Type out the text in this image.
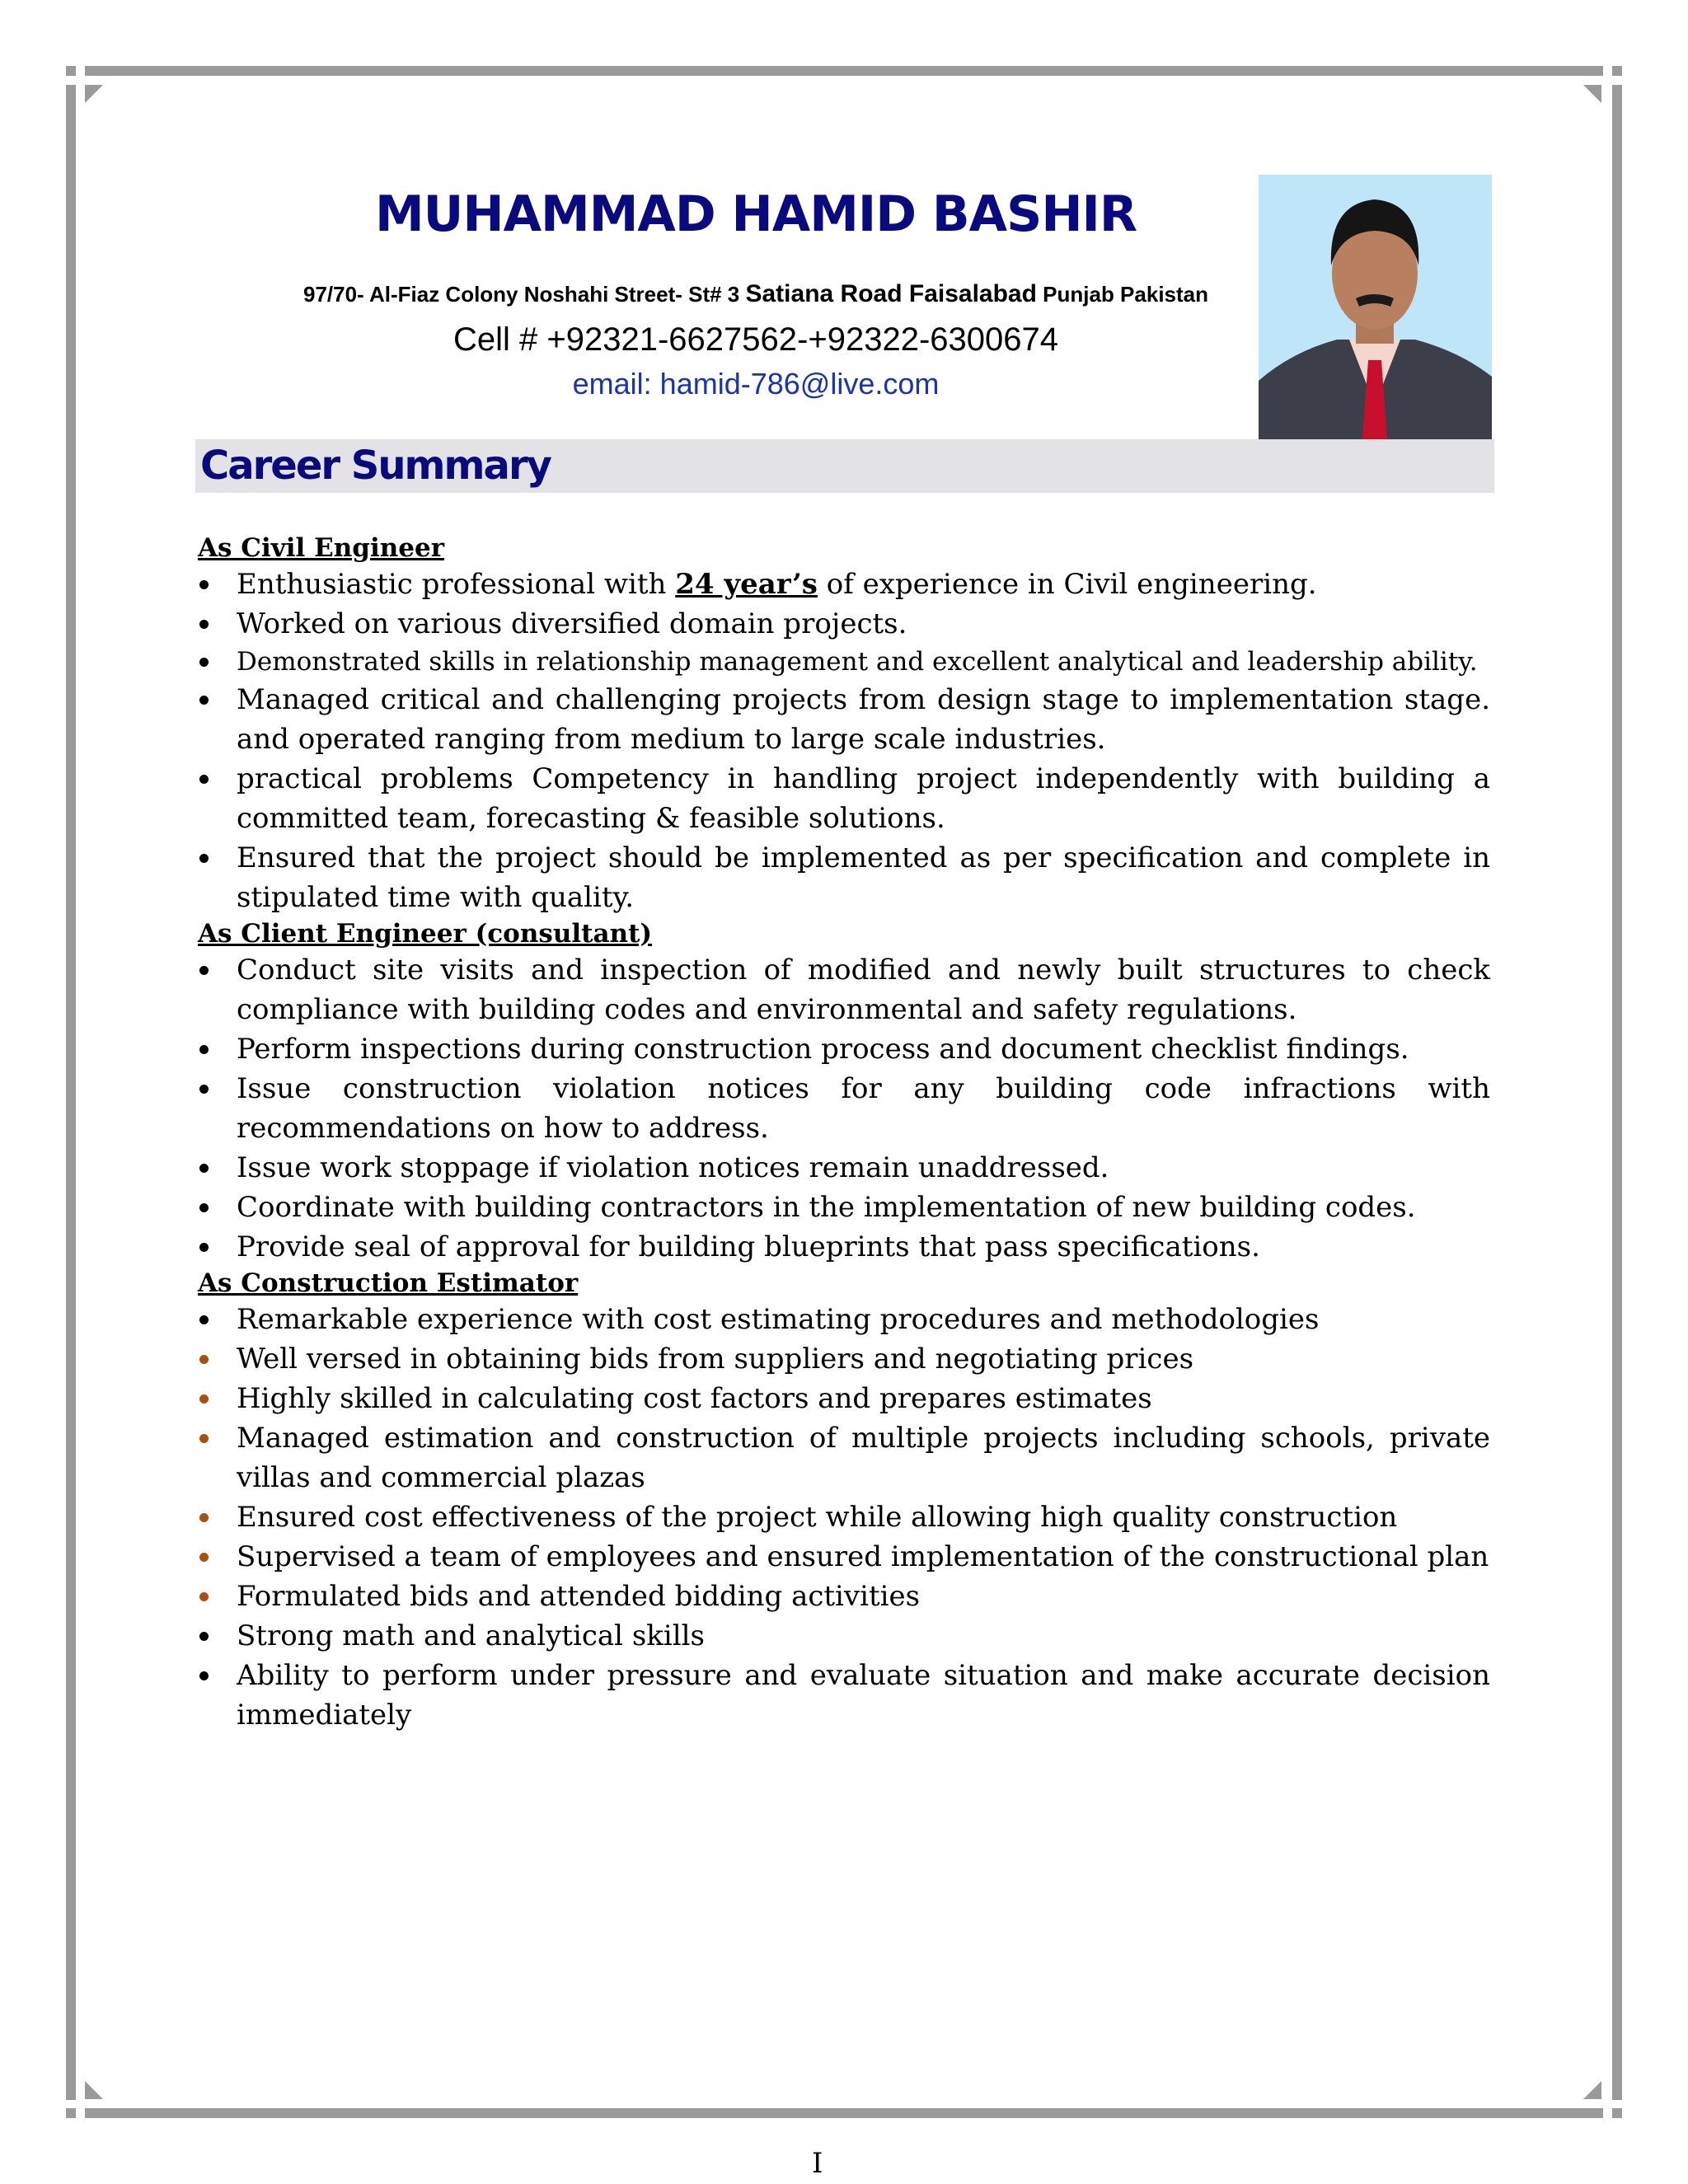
MUHAMMAD HAMID BASHIR
97/70- Al-Fiaz Colony Noshahi Street- St# 3 Satiana Road Faisalabad Punjab Pakistan
Cell # +92321-6627562-+92322-6300674
email: hamid-786@live.com
Career Summary
As Civil Engineer
Enthusiastic professional with 24 year’s of experience in Civil engineering.
Worked on various diversified domain projects.
Demonstrated skills in relationship management and excellent analytical and leadership ability.
Managed critical and challenging projects from design stage to implementation stage. and operated ranging from medium to large scale industries.
practical problems Competency in handling project independently with building a committed team, forecasting & feasible solutions.
Ensured that the project should be implemented as per specification and complete in stipulated time with quality.
As Client Engineer (consultant)
Conduct site visits and inspection of modified and newly built structures to check  compliance with building codes and environmental and safety regulations.
Perform inspections during construction process and document checklist findings.
Issue construction violation notices for any building code infractions with recommendations on how to address.
Issue work stoppage if violation notices remain unaddressed.
Coordinate with building contractors in the implementation of new building codes.
Provide seal of approval for building blueprints that pass specifications.
As Construction Estimator
Remarkable experience with cost estimating procedures and methodologies
Well versed in obtaining bids from suppliers and negotiating prices
Highly skilled in calculating cost factors and prepares estimates
Managed estimation and construction of multiple projects including schools, private villas and commercial plazas
Ensured cost effectiveness of the project while allowing high quality construction
Supervised a team of employees and ensured implementation of the constructional plan
Formulated bids and attended bidding activities
Strong math and analytical skills
Ability to perform under pressure and evaluate situation and make accurate decision immediately
I
